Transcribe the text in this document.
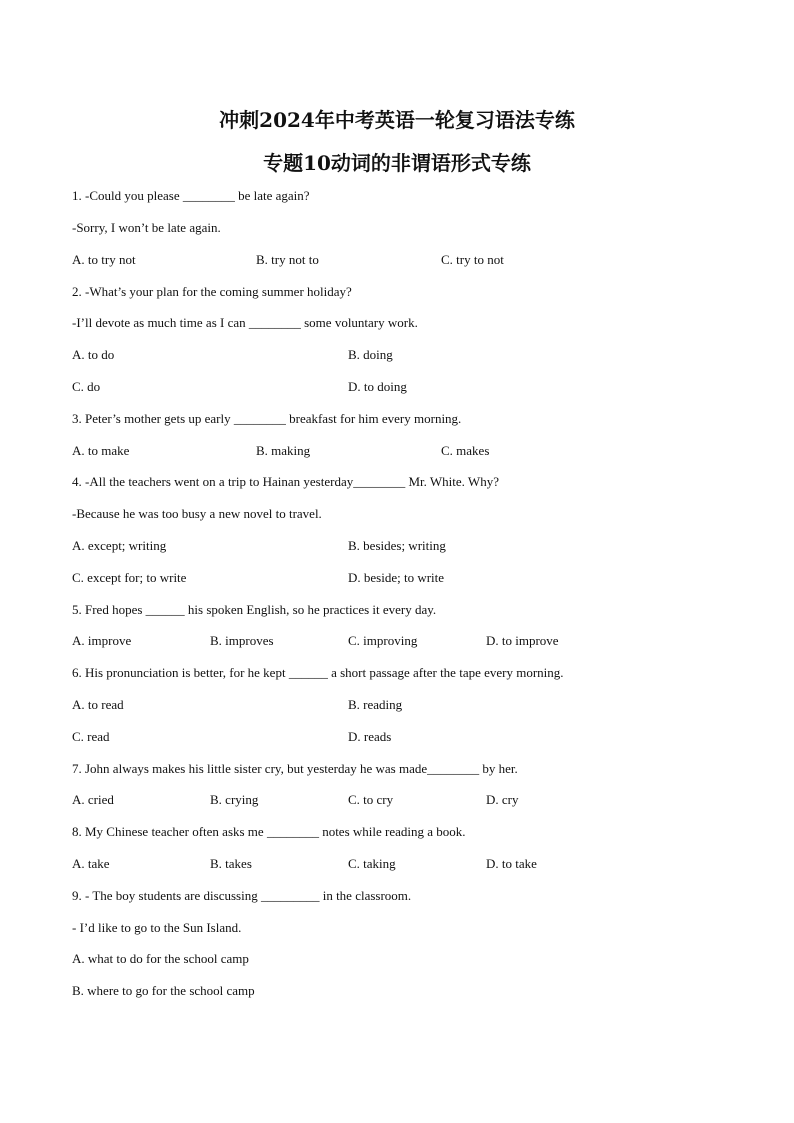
冲刺2024年中考英语一轮复习语法专练
专题10动词的非谓语形式专练
1. -Could you please ________ be late again?
-Sorry, I won’t be late again.
A. to try not	B. try not to	C. try to not
2. -What’s your plan for the coming summer holiday?
-I’ll devote as much time as I can ________ some voluntary work.
A. to do	B. doing
C. do	D. to doing
3. Peter’s mother gets up early ________ breakfast for him every morning.
A. to make	B. making	C. makes
4. -All the teachers went on a trip to Hainan yesterday________ Mr. White. Why?
-Because he was too busy a new novel to travel.
A. except; writing	B. besides; writing
C. except for; to write	D. beside; to write
5. Fred hopes ______ his spoken English, so he practices it every day.
A. improve	B. improves	C. improving	D. to improve
6. His pronunciation is better, for he kept ______ a short passage after the tape every morning.
A. to read	B. reading
C. read	D. reads
7. John always makes his little sister cry, but yesterday he was made________ by her.
A. cried	B. crying	C. to cry	D. cry
8. My Chinese teacher often asks me ________ notes while reading a book.
A. take	B. takes	C. taking	D. to take
9. - The boy students are discussing _________ in the classroom.
- I’d like to go to the Sun Island.
A. what to do for the school camp
B. where to go for the school camp
